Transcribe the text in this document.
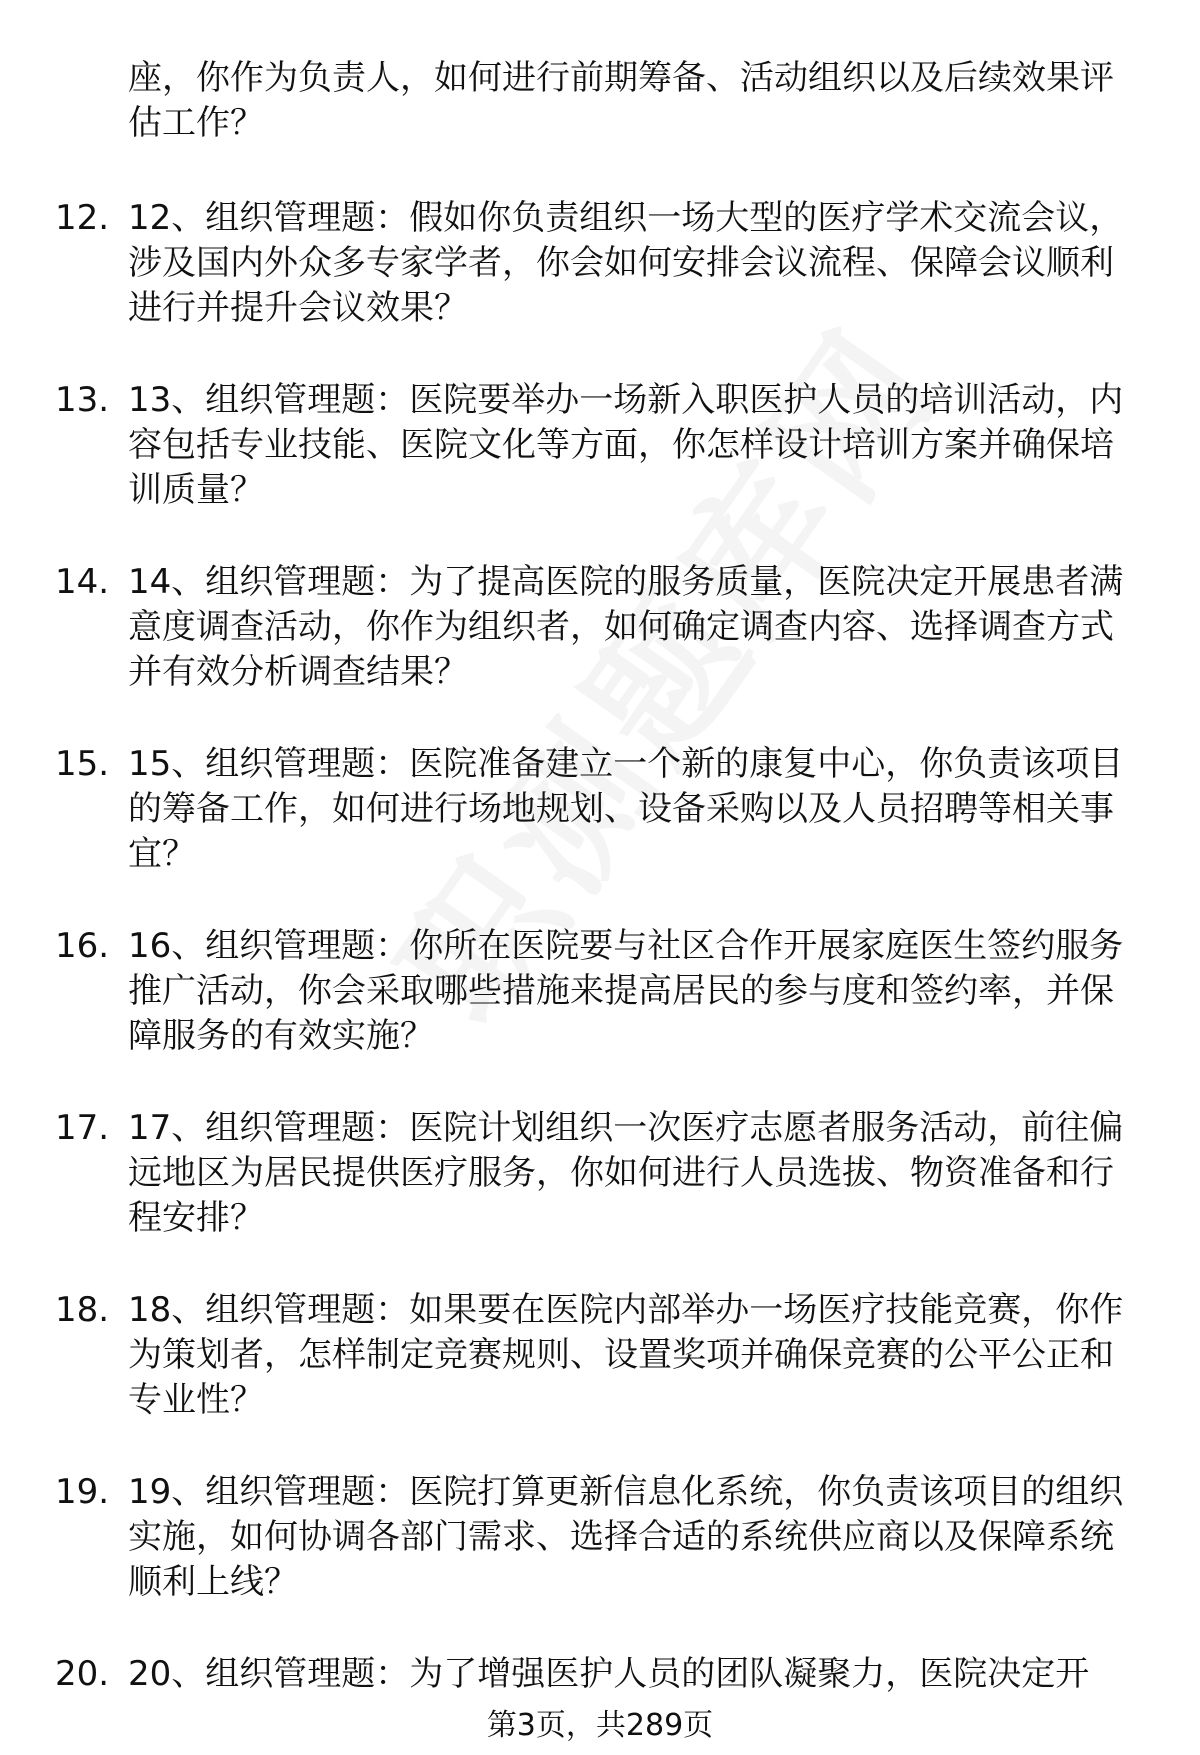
座，你作为负责人，如何进行前期筹备、活动组织以及后续效果评估工作？

12. 12、组织管理题：假如你负责组织一场大型的医疗学术交流会议，涉及国内外众多专家学者，你会如何安排会议流程、保障会议顺利进行并提升会议效果？
13. 13、组织管理题：医院要举办一场新入职医护人员的培训活动，内容包括专业技能、医院文化等方面，你怎样设计培训方案并确保培训质量？
14. 14、组织管理题：为了提高医院的服务质量，医院决定开展患者满意度调查活动，你作为组织者，如何确定调查内容、选择调查方式并有效分析调查结果？
15. 15、组织管理题：医院准备建立一个新的康复中心，你负责该项目的筹备工作，如何进行场地规划、设备采购以及人员招聘等相关事宜？
16. 16、组织管理题：你所在医院要与社区合作开展家庭医生签约服务推广活动，你会采取哪些措施来提高居民的参与度和签约率，并保障服务的有效实施？
17. 17、组织管理题：医院计划组织一次医疗志愿者服务活动，前往偏远地区为居民提供医疗服务，你如何进行人员选拔、物资准备和行程安排？
18. 18、组织管理题：如果要在医院内部举办一场医疗技能竞赛，你作为策划者，怎样制定竞赛规则、设置奖项并确保竞赛的公平公正和专业性？
19. 19、组织管理题：医院打算更新信息化系统，你负责该项目的组织实施，如何协调各部门需求、选择合适的系统供应商以及保障系统顺利上线？
20. 20、组织管理题：为了增强医护人员的团队凝聚力，医院决定开
第3页，共289页
